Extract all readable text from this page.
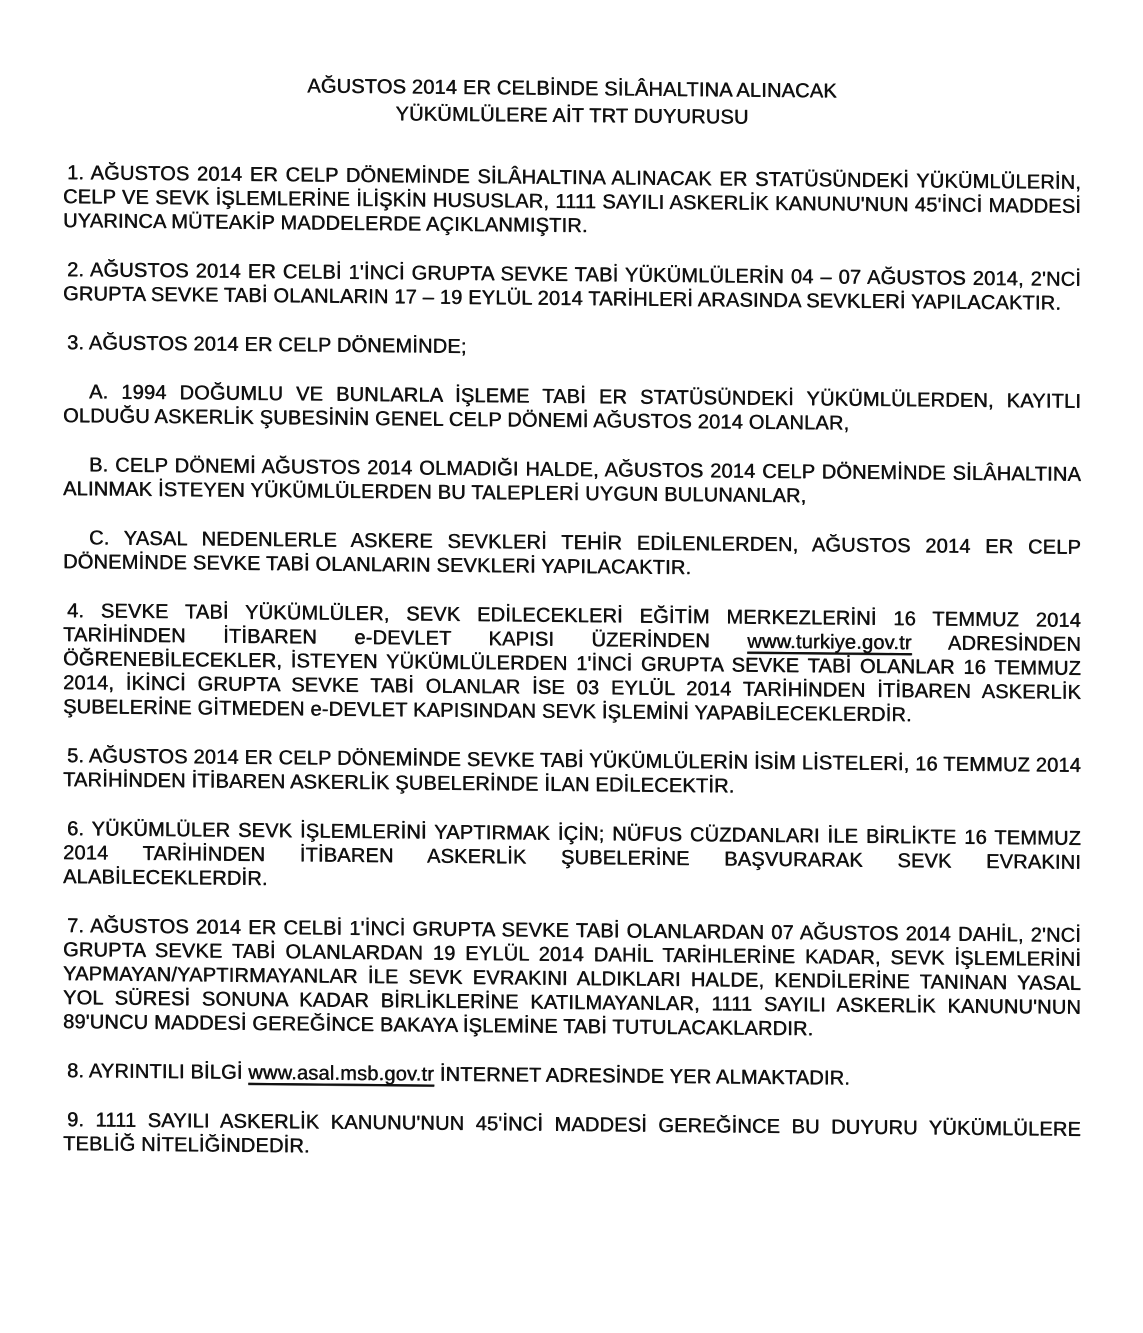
AĞUSTOS 2014 ER CELBİNDE SİLÂHALTINA ALINACAK
YÜKÜMLÜLERE AİT TRT DUYURUSU

1. AĞUSTOS 2014 ER CELP DÖNEMİNDE SİLÂHALTINA ALINACAK ER STATÜSÜNDEKİ YÜKÜMLÜLERİN, CELP VE SEVK İŞLEMLERİNE İLİŞKİN HUSUSLAR, 1111 SAYILI ASKERLİK KANUNU'NUN 45'İNCİ MADDESİ UYARINCA MÜTEAKİP MADDELERDE AÇIKLANMIŞTIR.

2. AĞUSTOS 2014 ER CELBİ 1'İNCİ GRUPTA SEVKE TABİ YÜKÜMLÜLERİN 04 – 07 AĞUSTOS 2014, 2'NCİ GRUPTA SEVKE TABİ OLANLARIN 17 – 19 EYLÜL 2014 TARİHLERİ ARASINDA SEVKLERİ YAPILACAKTIR.

3. AĞUSTOS 2014 ER CELP DÖNEMİNDE;

A. 1994 DOĞUMLU VE BUNLARLA İŞLEME TABİ ER STATÜSÜNDEKİ YÜKÜMLÜLERDEN, KAYITLI OLDUĞU ASKERLİK ŞUBESİNİN GENEL CELP DÖNEMİ AĞUSTOS 2014 OLANLAR,

B. CELP DÖNEMİ AĞUSTOS 2014 OLMADIĞI HALDE, AĞUSTOS 2014 CELP DÖNEMİNDE SİLÂHALTINA ALINMAK İSTEYEN YÜKÜMLÜLERDEN BU TALEPLERİ UYGUN BULUNANLAR,

C. YASAL NEDENLERLE ASKERE SEVKLERİ TEHİR EDİLENLERDEN, AĞUSTOS 2014 ER CELP DÖNEMİNDE SEVKE TABİ OLANLARIN SEVKLERİ YAPILACAKTIR.

4. SEVKE TABİ YÜKÜMLÜLER, SEVK EDİLECEKLERİ EĞİTİM MERKEZLERİNİ 16 TEMMUZ 2014 TARİHİNDEN İTİBAREN e-DEVLET KAPISI ÜZERİNDEN www.turkiye.gov.tr ADRESİNDEN ÖĞRENEBİLECEKLER, İSTEYEN YÜKÜMLÜLERDEN 1'İNCİ GRUPTA SEVKE TABİ OLANLAR 16 TEMMUZ 2014, İKİNCİ GRUPTA SEVKE TABİ OLANLAR İSE 03 EYLÜL 2014 TARİHİNDEN İTİBAREN ASKERLİK ŞUBELERİNE GİTMEDEN e-DEVLET KAPISINDAN SEVK İŞLEMİNİ YAPABİLECEKLERDİR.

5. AĞUSTOS 2014 ER CELP DÖNEMİNDE SEVKE TABİ YÜKÜMLÜLERİN İSİM LİSTELERİ, 16 TEMMUZ 2014 TARİHİNDEN İTİBAREN ASKERLİK ŞUBELERİNDE İLAN EDİLECEKTİR.

6. YÜKÜMLÜLER SEVK İŞLEMLERİNİ YAPTIRMAK İÇİN; NÜFUS CÜZDANLARI İLE BİRLİKTE 16 TEMMUZ 2014 TARİHİNDEN İTİBAREN ASKERLİK ŞUBELERİNE BAŞVURARAK SEVK EVRAKINI ALABİLECEKLERDİR.

7. AĞUSTOS 2014 ER CELBİ 1'İNCİ GRUPTA SEVKE TABİ OLANLARDAN 07 AĞUSTOS 2014 DAHİL, 2'NCİ GRUPTA SEVKE TABİ OLANLARDAN 19 EYLÜL 2014 DAHİL TARİHLERİNE KADAR, SEVK İŞLEMLERİNİ YAPMAYAN/YAPTIRMAYANLAR İLE SEVK EVRAKINI ALDIKLARI HALDE, KENDİLERİNE TANINAN YASAL YOL SÜRESİ SONUNA KADAR BİRLİKLERİNE KATILMAYANLAR, 1111 SAYILI ASKERLİK KANUNU'NUN 89'UNCU MADDESİ GEREĞİNCE BAKAYA İŞLEMİNE TABİ TUTULACAKLARDIR.

8. AYRINTILI BİLGİ www.asal.msb.gov.tr İNTERNET ADRESİNDE YER ALMAKTADIR.

9. 1111 SAYILI ASKERLİK KANUNU'NUN 45'İNCİ MADDESİ GEREĞİNCE BU DUYURU YÜKÜMLÜLERE TEBLİĞ NİTELİĞİNDEDİR.
